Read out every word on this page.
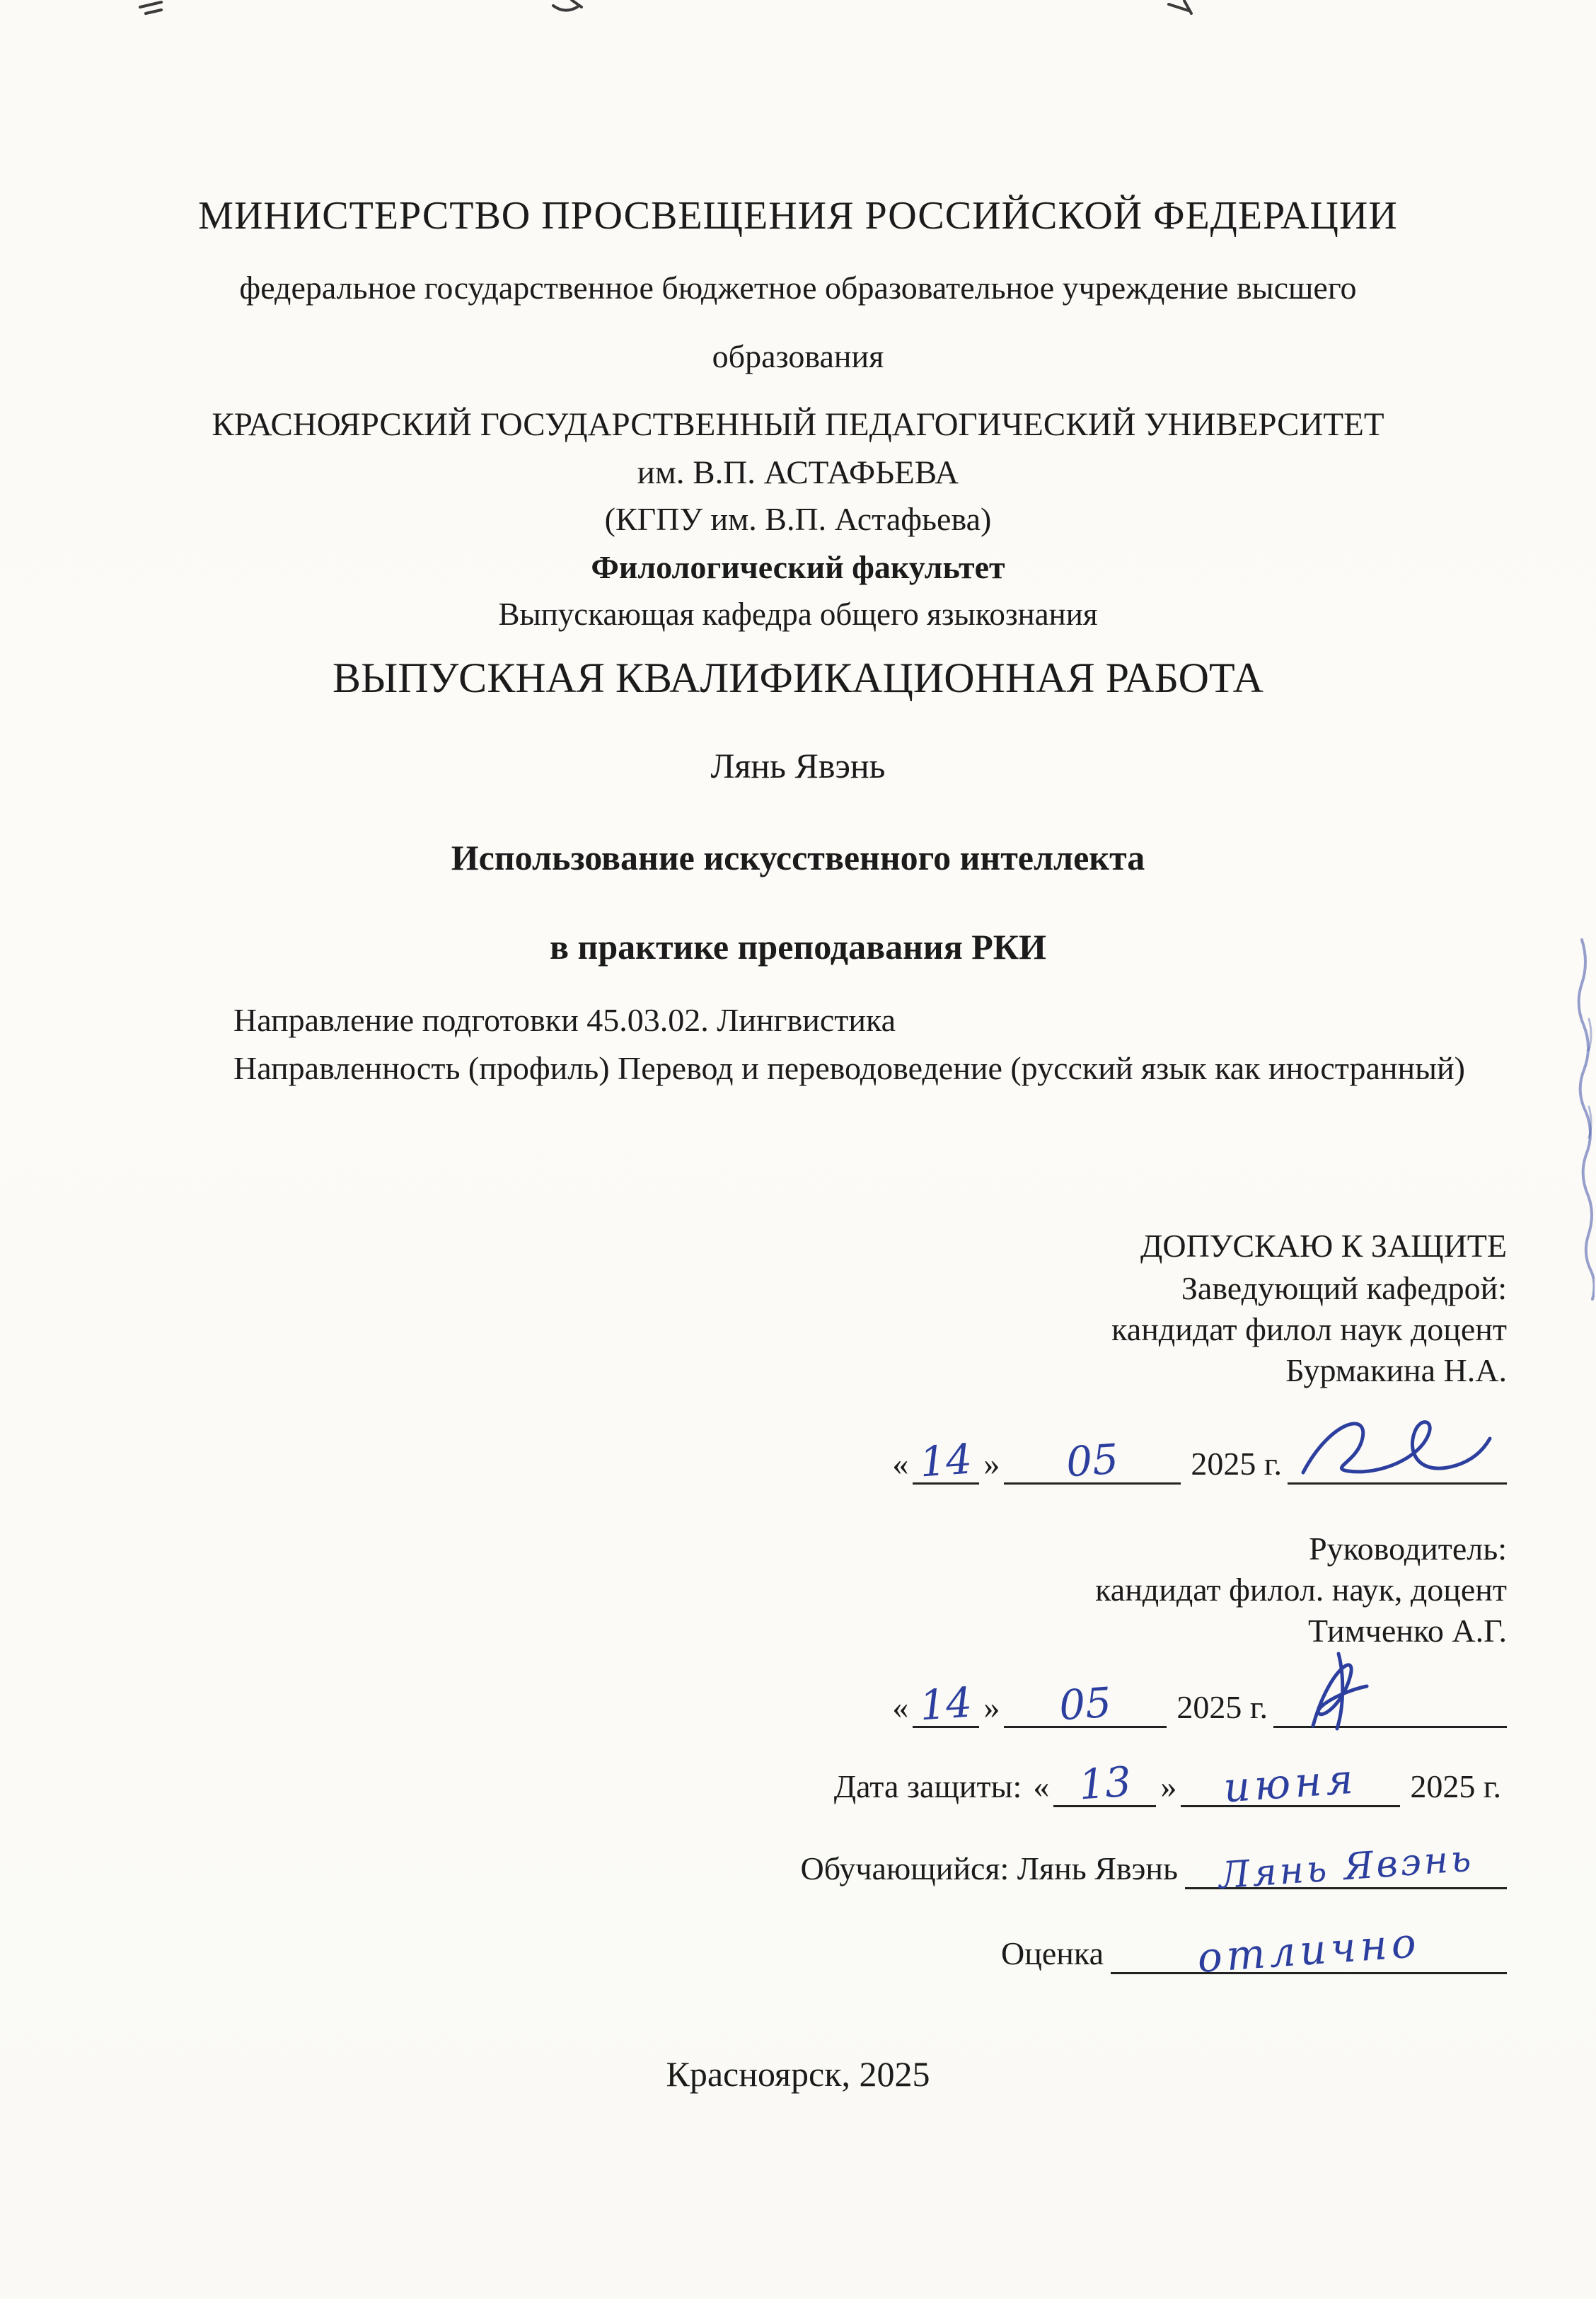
МИНИСТЕРСТВО ПРОСВЕЩЕНИЯ РОССИЙСКОЙ ФЕДЕРАЦИИ
федеральное государственное бюджетное образовательное учреждение высшего
образования
КРАСНОЯРСКИЙ ГОСУДАРСТВЕННЫЙ ПЕДАГОГИЧЕСКИЙ УНИВЕРСИТЕТ
им. В.П. АСТАФЬЕВА
(КГПУ им. В.П. Астафьева)
Филологический факультет
Выпускающая кафедра общего языкознания
ВЫПУСКНАЯ КВАЛИФИКАЦИОННАЯ РАБОТА
Лянь Явэнь
Использование искусственного интеллекта
в практике преподавания РКИ
Направление подготовки 45.03.02. Лингвистика
Направленность (профиль) Перевод и переводоведение (русский язык как иностранный)
ДОПУСКАЮ К ЗАЩИТЕ
Заведующий кафедрой:
кандидат филол наук доцент
Бурмакина Н.А.
« 14 » 05 2025 г.
Руководитель:
кандидат филол. наук, доцент
Тимченко А.Г.
« 14 » 05 2025 г.
Дата защиты: « 13 » июня 2025 г.
Обучающийся: Лянь Явэнь Лянь Явэнь
Оценка отлично
Красноярск, 2025
